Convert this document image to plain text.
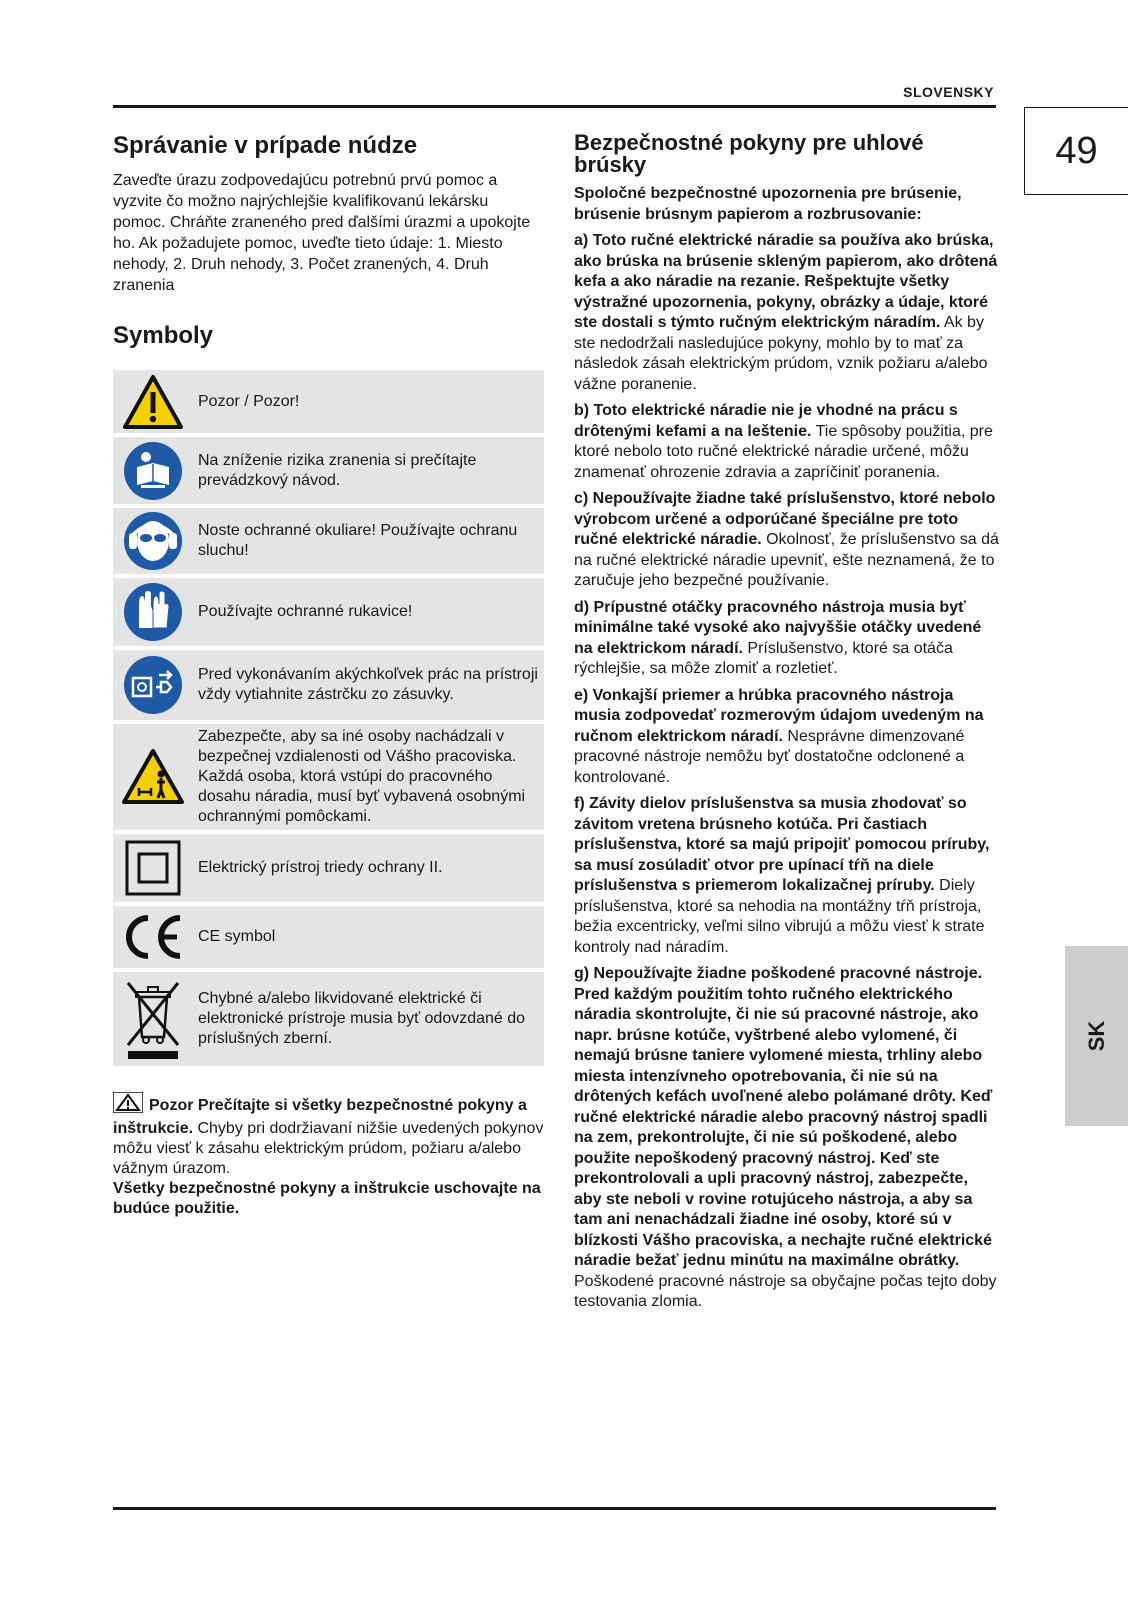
SLOVENSKY
49
SK
Správanie v prípade núdze

Zaveďte úrazu zodpovedajúcu potrebnú prvú pomoc a vyzvite čo možno najrýchlejšie kvalifikovanú lekársku pomoc. Chráňte zraneného pred ďalšími úrazmi a upokojte ho. Ak požadujete pomoc, uveďte tieto údaje: 1. Miesto nehody, 2. Druh nehody, 3. Počet zranených, 4. Druh zranenia

Symboly
Pozor / Pozor!
Na zníženie rizika zranenia si prečítajte prevádzkový návod.
Noste ochranné okuliare! Používajte ochranu sluchu!
Používajte ochranné rukavice!
Pred vykonávaním akýchkoľvek prác na prístroji vždy vytiahnite zástrčku zo zásuvky.
Zabezpečte, aby sa iné osoby nachádzali v bezpečnej vzdialenosti od Vášho pracoviska. Každá osoba, ktorá vstúpi do pracovného dosahu náradia, musí byť vybavená osobnými ochrannými pomôckami.
Elektrický prístroj triedy ochrany II.
CE symbol
Chybné a/alebo likvidované elektrické či elektronické prístroje musia byť odovzdané do príslušných zberní.
Pozor Prečítajte si všetky bezpečnostné pokyny a inštrukcie. Chyby pri dodržiavaní nižšie uvedených pokynov môžu viesť k zásahu elektrickým prúdom, požiaru a/alebo vážnym úrazom.
Všetky bezpečnostné pokyny a inštrukcie uschovajte na budúce použitie.
Bezpečnostné pokyny pre uhlové brúsky

Spoločné bezpečnostné upozornenia pre brúsenie, brúsenie brúsnym papierom a rozbrusovanie:

a) Toto ručné elektrické náradie sa používa ako brúska, ako brúska na brúsenie skleným papierom, ako drôtená kefa a ako náradie na rezanie. Rešpektujte všetky výstražné upozornenia, pokyny, obrázky a údaje, ktoré ste dostali s týmto ručným elektrickým náradím. Ak by ste nedodržali nasledujúce pokyny, mohlo by to mať za následok zásah elektrickým prúdom, vznik požiaru a/alebo vážne poranenie.

b) Toto elektrické náradie nie je vhodné na prácu s drôtenými kefami a na leštenie. Tie spôsoby použitia, pre ktoré nebolo toto ručné elektrické náradie určené, môžu znamenať ohrozenie zdravia a zapríčiniť poranenia.

c) Nepoužívajte žiadne také príslušenstvo, ktoré nebolo výrobcom určené a odporúčané špeciálne pre toto ručné elektrické náradie. Okolnosť, že príslušenstvo sa dá na ručné elektrické náradie upevniť, ešte neznamená, že to zaručuje jeho bezpečné používanie.

d) Prípustné otáčky pracovného nástroja musia byť minimálne také vysoké ako najvyššie otáčky uvedené na elektrickom náradí. Príslušenstvo, ktoré sa otáča rýchlejšie, sa môže zlomiť a rozletieť.

e) Vonkajší priemer a hrúbka pracovného nástroja musia zodpovedať rozmerovým údajom uvedeným na ručnom elektrickom náradí. Nesprávne dimenzované pracovné nástroje nemôžu byť dostatočne odclonené a kontrolované.

f) Závity dielov príslušenstva sa musia zhodovať so závitom vretena brúsneho kotúča. Pri častiach príslušenstva, ktoré sa majú pripojiť pomocou príruby, sa musí zosúladiť otvor pre upínací tŕň na diele príslušenstva s priemerom lokalizačnej príruby. Diely príslušenstva, ktoré sa nehodia na montážny tŕň prístroja, bežia excentricky, veľmi silno vibrujú a môžu viesť k strate kontroly nad náradím.

g) Nepoužívajte žiadne poškodené pracovné nástroje. Pred každým použitím tohto ručného elektrického náradia skontrolujte, či nie sú pracovné nástroje, ako napr. brúsne kotúče, vyštrbené alebo vylomené, či nemajú brúsne taniere vylomené miesta, trhliny alebo miesta intenzívneho opotrebovania, či nie sú na drôtených kefách uvoľnené alebo polámané drôty. Keď ručné elektrické náradie alebo pracovný nástroj spadli na zem, prekontrolujte, či nie sú poškodené, alebo použite nepoškodený pracovný nástroj. Keď ste prekontrolovali a upli pracovný nástroj, zabezpečte, aby ste neboli v rovine rotujúceho nástroja, a aby sa tam ani nenachádzali žiadne iné osoby, ktoré sú v blízkosti Vášho pracoviska, a nechajte ručné elektrické náradie bežať jednu minútu na maximálne obrátky. Poškodené pracovné nástroje sa obyčajne počas tejto doby testovania zlomia.
